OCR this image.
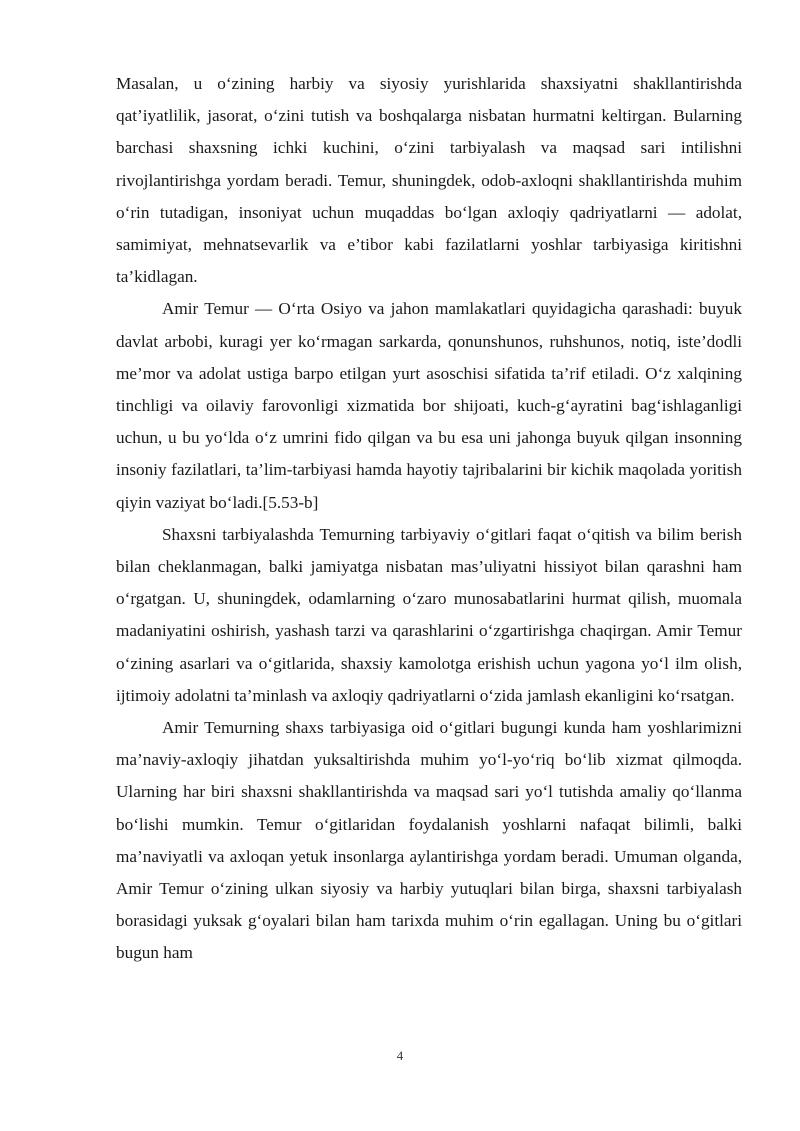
Masalan, u o‘zining harbiy va siyosiy yurishlarida shaxsiyatni shakllantirishda qat’iyatlilik, jasorat, o‘zini tutish va boshqalarga nisbatan hurmatni keltirgan. Bularning barchasi shaxsning ichki kuchini, o‘zini tarbiyalash va maqsad sari intilishni rivojlantirishga yordam beradi. Temur, shuningdek, odob-axloqni shakllantirishda muhim o‘rin tutadigan, insoniyat uchun muqaddas bo‘lgan axloqiy qadriyatlarni — adolat, samimiyat, mehnatsevarlik va e’tibor kabi fazilatlarni yoshlar tarbiyasiga kiritishni ta’kidlagan.

Amir Temur — O‘rta Osiyo va jahon mamlakatlari quyidagicha qarashadi: buyuk davlat arbobi, kuragi yer ko‘rmagan sarkarda, qonunshunos, ruhshunos, notiq, iste’dodli me’mor va adolat ustiga barpo etilgan yurt asoschisi sifatida ta’rif etiladi. O‘z xalqining tinchligi va oilaviy farovonligi xizmatida bor shijoati, kuch-g‘ayratini bag‘ishlaganligi uchun, u bu yo‘lda o‘z umrini fido qilgan va bu esa uni jahonga buyuk qilgan insonning insoniy fazilatlari, ta’lim-tarbiyasi hamda hayotiy tajribalarini bir kichik maqolada yoritish qiyin vaziyat bo‘ladi.[5.53-b]

Shaxsni tarbiyalashda Temurning tarbiyaviy o‘gitlari faqat o‘qitish va bilim berish bilan cheklanmagan, balki jamiyatga nisbatan mas’uliyatni hissiyot bilan qarashni ham o‘rgatgan. U, shuningdek, odamlarning o‘zaro munosabatlarini hurmat qilish, muomala madaniyatini oshirish, yashash tarzi va qarashlarini o‘zgartirishga chaqirgan. Amir Temur o‘zining asarlari va o‘gitlarida, shaxsiy kamolotga erishish uchun yagona yo‘l ilm olish, ijtimoiy adolatni ta’minlash va axloqiy qadriyatlarni o‘zida jamlash ekanligini ko‘rsatgan.

Amir Temurning shaxs tarbiyasiga oid o‘gitlari bugungi kunda ham yoshlarimizni ma’naviy-axloqiy jihatdan yuksaltirishda muhim yo‘l-yo‘riq bo‘lib xizmat qilmoqda. Ularning har biri shaxsni shakllantirishda va maqsad sari yo‘l tutishda amaliy qo‘llanma bo‘lishi mumkin. Temur o‘gitlaridan foydalanish yoshlarni nafaqat bilimli, balki ma’naviyatli va axloqan yetuk insonlarga aylantirishga yordam beradi. Umuman olganda, Amir Temur o‘zining ulkan siyosiy va harbiy yutuqlari bilan birga, shaxsni tarbiyalash borasidagi yuksak g‘oyalari bilan ham tarixda muhim o‘rin egallagan. Uning bu o‘gitlari bugun ham

4
